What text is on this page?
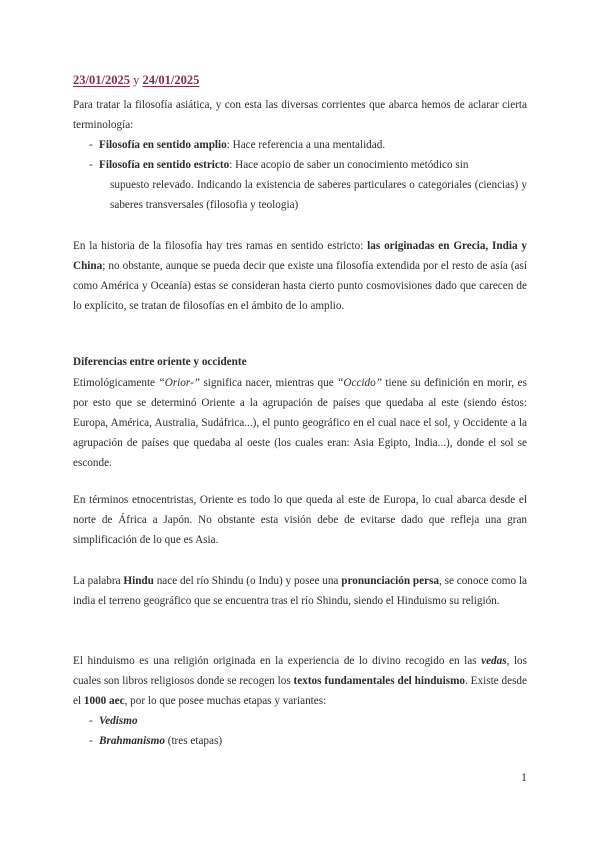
23/01/2025 y 24/01/2025
Para tratar la filosofía asiática, y con esta las diversas corrientes que abarca hemos de aclarar cierta terminología:
- Filosofía en sentido amplio: Hace referencia a una mentalidad.
- Filosofía en sentido estricto: Hace acopio de saber un conocimiento metódico sin
supuesto relevado. Indicando la existencia de saberes particulares o categoriales (ciencias) y saberes transversales (filosofia y teologia)
En la historia de la filosofía hay tres ramas en sentido estricto: las originadas en Grecia, India y China; no obstante, aunque se pueda decir que existe una filosofía extendida por el resto de asía (así como América y Oceanía) estas se consideran hasta cierto punto cosmovisiones dado que carecen de lo explícito, se tratan de filosofías en el ámbito de lo amplio.
Diferencias entre oriente y occidente
Etimológicamente “Orior-” significa nacer, mientras que “Occido” tiene su definición en morir, es por esto que se determinó Oriente a la agrupación de países que quedaba al este (siendo éstos: Europa, América, Australia, Sudáfrica...), el punto geográfico en el cual nace el sol, y Occidente a la agrupación de países que quedaba al oeste (los cuales eran: Asia Egipto, India...), donde el sol se esconde.
En términos etnocentristas, Oriente es todo lo que queda al este de Europa, lo cual abarca desde el norte de África a Japón. No obstante esta visión debe de evitarse dado que refleja una gran simplificación de lo que es Asia.
La palabra Hindu nace del río Shindu (o Indu) y posee una pronunciación persa, se conoce como la india el terreno geográfico que se encuentra tras el río Shindu, siendo el Hinduismo su religión.
El hinduismo es una religión originada en la experiencia de lo divino recogido en las vedas, los cuales son libros religiosos donde se recogen los textos fundamentales del hinduismo. Existe desde el 1000 aec, por lo que posee muchas etapas y variantes:
- Vedismo
- Brahmanismo (tres etapas)
1
